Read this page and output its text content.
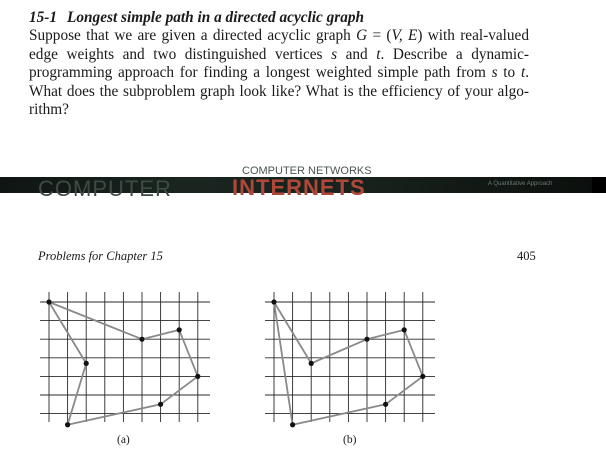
15-1 Longest simple path in a directed acyclic graph

Suppose that we are given a directed acyclic graph G = (V, E) with real-valued edge weights and two distinguished vertices s and t. Describe a dynamic-programming approach for finding a longest weighted simple path from s to t. What does the subproblem graph look like? What is the efficiency of your algo-rithm?

COMPUTER
COMPUTER NETWORKS
INTERNETS	A Quantitative Approach
Problems for Chapter 15	405
(a)	(b)
